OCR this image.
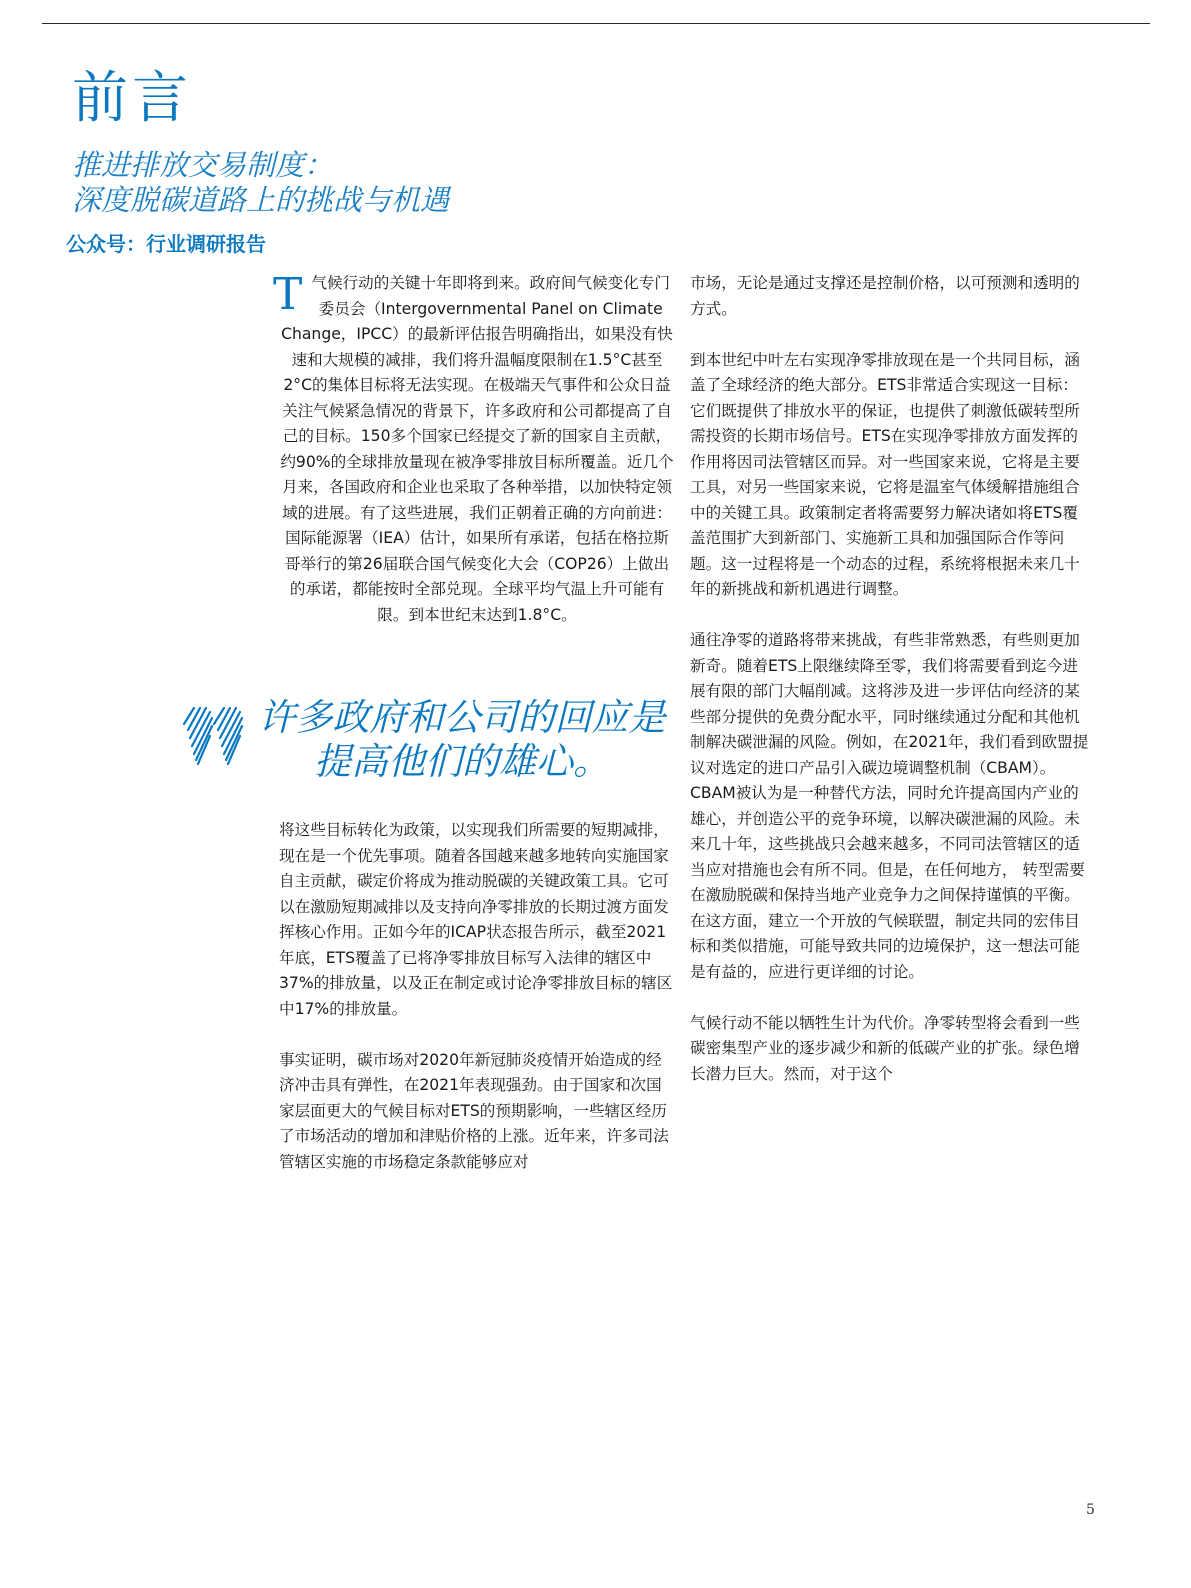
前言
推进排放交易制度：
深度脱碳道路上的挑战与机遇
公众号：行业调研报告
T 气候行动的关键十年即将到来。政府间气候变化专门委员会（Intergovernmental Panel on Climate Change，IPCC）的最新评估报告明确指出，如果没有快速和大规模的减排，我们将升温幅度限制在1.5°C甚至2°C的集体目标将无法实现。在极端天气事件和公众日益关注气候紧急情况的背景下，许多政府和公司都提高了自己的目标。150多个国家已经提交了新的国家自主贡献，约90%的全球排放量现在被净零排放目标所覆盖。近几个月来，各国政府和企业也采取了各种举措，以加快特定领域的进展。有了这些进展，我们正朝着正确的方向前进：国际能源署（IEA）估计，如果所有承诺，包括在格拉斯哥举行的第26届联合国气候变化大会（COP26）上做出的承诺，都能按时全部兑现。全球平均气温上升可能有限。到本世纪末达到1.8°C。

许多政府和公司的回应是提高他们的雄心。

将这些目标转化为政策，以实现我们所需要的短期减排，现在是一个优先事项。随着各国越来越多地转向实施国家自主贡献，碳定价将成为推动脱碳的关键政策工具。它可以在激励短期减排以及支持向净零排放的长期过渡方面发挥核心作用。正如今年的ICAP状态报告所示，截至2021年底，ETS覆盖了已将净零排放目标写入法律的辖区中37%的排放量，以及正在制定或讨论净零排放目标的辖区中17%的排放量。

事实证明，碳市场对2020年新冠肺炎疫情开始造成的经济冲击具有弹性，在2021年表现强劲。由于国家和次国家层面更大的气候目标对ETS的预期影响，一些辖区经历了市场活动的增加和津贴价格的上涨。近年来，许多司法管辖区实施的市场稳定条款能够应对

市场，无论是通过支撑还是控制价格，以可预测和透明的方式。

到本世纪中叶左右实现净零排放现在是一个共同目标，涵盖了全球经济的绝大部分。ETS非常适合实现这一目标：它们既提供了排放水平的保证，也提供了刺激低碳转型所需投资的长期市场信号。ETS在实现净零排放方面发挥的作用将因司法管辖区而异。对一些国家来说，它将是主要工具，对另一些国家来说，它将是温室气体缓解措施组合中的关键工具。政策制定者将需要努力解决诸如将ETS覆盖范围扩大到新部门、实施新工具和加强国际合作等问题。这一过程将是一个动态的过程，系统将根据未来几十年的新挑战和新机遇进行调整。

通往净零的道路将带来挑战，有些非常熟悉，有些则更加新奇。随着ETS上限继续降至零，我们将需要看到迄今进展有限的部门大幅削减。这将涉及进一步评估向经济的某些部分提供的免费分配水平，同时继续通过分配和其他机制解决碳泄漏的风险。例如，在2021年，我们看到欧盟提议对选定的进口产品引入碳边境调整机制（CBAM）。CBAM被认为是一种替代方法，同时允许提高国内产业的雄心，并创造公平的竞争环境，以解决碳泄漏的风险。未来几十年，这些挑战只会越来越多，不同司法管辖区的适当应对措施也会有所不同。但是，在任何地方， 转型需要在激励脱碳和保持当地产业竞争力之间保持谨慎的平衡。在这方面，建立一个开放的气候联盟，制定共同的宏伟目标和类似措施，可能导致共同的边境保护，这一想法可能是有益的，应进行更详细的讨论。

气候行动不能以牺牲生计为代价。净零转型将会看到一些碳密集型产业的逐步减少和新的低碳产业的扩张。绿色增长潜力巨大。然而，对于这个

5
